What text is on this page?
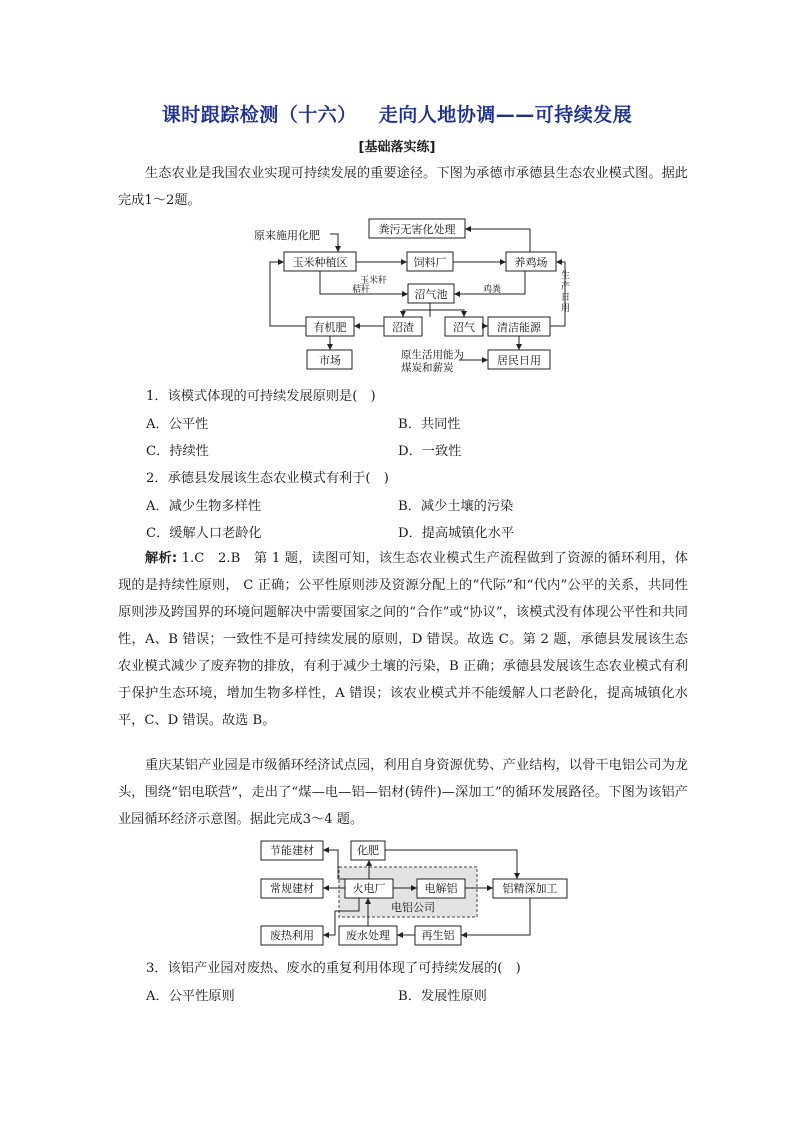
课时跟踪检测（十六） 走向人地协调——可持续发展
[基础落实练]

生态农业是我国农业实现可持续发展的重要途径。下图为承德市承德县生态农业模式图。据此完成1～2题。

原来施用化肥	粪污无害化处理
玉米种植区	饲料厂	养鸡场
玉米秆
秸秆	沼气池	鸡粪
生
产
日
用
有机肥	沼渣	沼气 清洁能源
市场	原生活用能为
煤炭和薪炭
居民日用
1．该模式体现的可持续发展原则是(　)
A．公平性	B．共同性
C．持续性	D．一致性
2．承德县发展该生态农业模式有利于(　)
A．减少生物多样性	B．减少土壤的污染
C．缓解人口老龄化	D．提高城镇化水平

解析: 1.C　2.B　第 1 题，读图可知，该生态农业模式生产流程做到了资源的循环利用，体现的是持续性原则， C 正确；公平性原则涉及资源分配上的“代际”和“代内”公平的关系，共同性原则涉及跨国界的环境问题解决中需要国家之间的“合作”或“协议”，该模式没有体现公平性和共同性，A、B 错误；一致性不是可持续发展的原则，D 错误。故选 C。第 2 题，承德县发展该生态农业模式减少了废弃物的排放，有利于减少土壤的污染，B 正确；承德县发展该生态农业模式有利于保护生态环境，增加生物多样性，A 错误；该农业模式并不能缓解人口老龄化，提高城镇化水平，C、D 错误。故选 B。

重庆某铝产业园是市级循环经济试点园，利用自身资源优势、产业结构，以骨干电铝公司为龙头，围绕“铝电联营”，走出了“煤—电—铝—铝材(铸件)—深加工”的循环发展路径。下图为该铝产业园循环经济示意图。据此完成3～4 题。

节能建材	化肥
常规建材	火电厂	电解铝	铝精深加工
电铝公司
废热利用	废水处理	再生铝
3．该铝产业园对废热、废水的重复利用体现了可持续发展的(　)
A．公平性原则	B．发展性原则
